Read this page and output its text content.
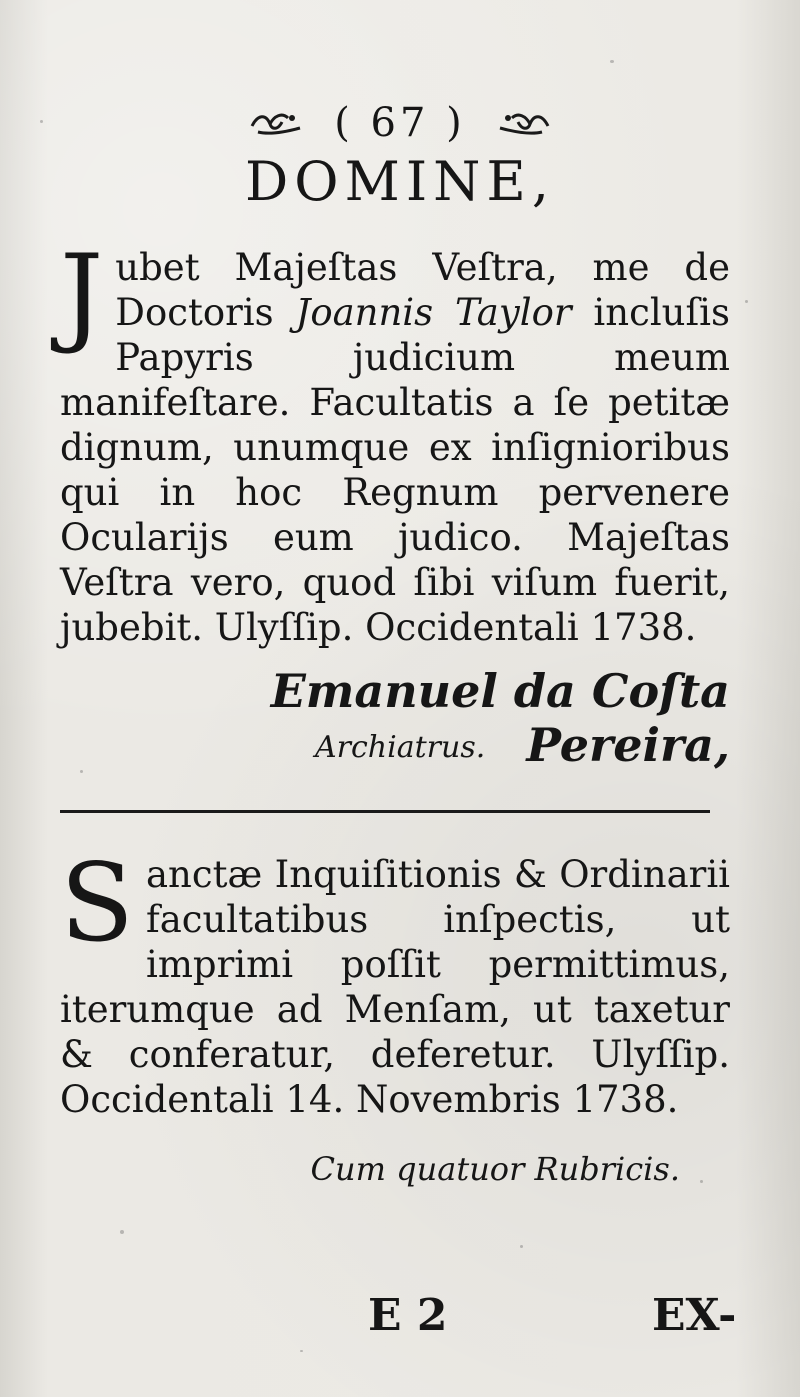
( 67 )
DOMINE,
Jubet Majeſtas Veſtra, me de Doctoris Joannis Taylor incluſis Papyris judicium meum manifeſtare. Facultatis a ſe petitæ dignum, unumque ex inſignioribus qui in hoc Regnum pervenere Ocularijs eum judico. Majeſtas Veſtra vero, quod ſibi viſum fuerit, jubebit. Ulyſſip. Occidentali 1738.
Emanuel da Coſta Pereira,
Archiatrus.
Sanctæ Inquiſitionis & Ordinarii facultatibus inſpectis, ut imprimi poſſit permittimus, iterumque ad Menſam, ut taxetur & conferatur, deferetur. Ulyſſip. Occidentali 14. Novembris 1738.
Cum quatuor Rubricis.
E 2	EX-
